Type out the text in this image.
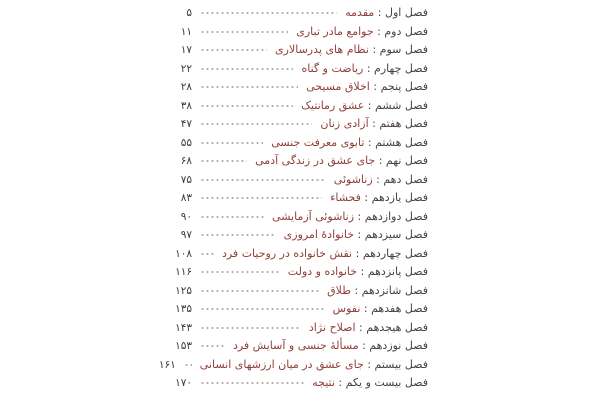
فصل اول : مقدمه
۵
فصل دوم : جوامع مادر تباری
۱۱
فصل سوم : نظام های پدرسالاری
۱۷
فصل چهارم : ریاضت و گناه
۲۲
فصل پنجم : اخلاق مسیحی
۲۸
فصل ششم : عشق رمانتیک
۳۸
فصل هفتم : آزادی زنان
۴۷
فصل هشتم : تابوی معرفت جنسی
۵۵
فصل نهم : جای عشق در زندگی آدمی
۶۸
فصل دهم : زناشوئی
۷۵
فصل یازدهم : فحشاء
۸۳
فصل دوازدهم : زناشوئی آزمایشی
۹۰
فصل سیزدهم : خانوادۀ امروزی
۹۷
فصل چهاردهم : نقش خانواده در روحیات فرد
۱۰۸
فصل پانزدهم : خانواده و دولت
۱۱۶
فصل شانزدهم : طلاق
۱۲۵
فصل هفدهم : نفوس
۱۳۵
فصل هیجدهم : اصلاح نژاد
۱۴۳
فصل نوزدهم : مسألۀ جنسی و آسایش فرد
۱۵۳
فصل بیستم : جای عشق در میان ارزشهای انسانی
۱۶۱
فصل بیست و یکم : نتیجه
۱۷۰
